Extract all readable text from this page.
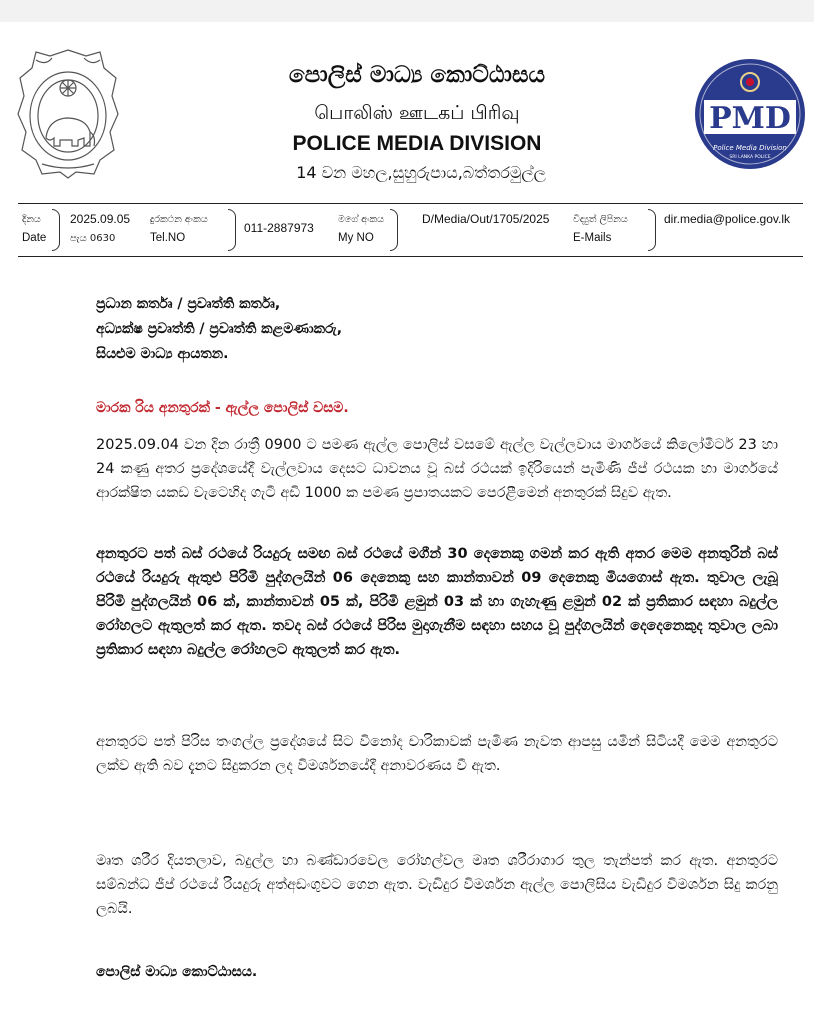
පොලිස් මාධ්‍ය කොට්ඨාසය
பொலிஸ் ஊடகப் பிரிவு
POLICE MEDIA DIVISION
14 වන මහල,සුහුරුපාය,බත්තරමුල්ල
PMD
Police Media Division
SRI LANKA POLICE
දිනය
Date
2025.09.05
පැය 0630
දුරකථන අංකය
Tel.NO
011-2887973
මගේ අංකය
My NO
D/Media/Out/1705/2025 විද්‍යුත් ලිපිනය
E-Mails
dir.media@police.gov.lk
ප්‍රධාන කර්තෘ / ප්‍රවෘත්ති කර්තෘ,
අධ්‍යක්ෂ ප්‍රවෘත්ති / ප්‍රවෘත්ති කළමණාකරු,
සියළුම මාධ්‍ය ආයතන.
මාරක රිය අනතුරක් - ඇල්ල පොලිස් වසම.
2025.09.04 වන දින රාත්‍රී 0900 ට පමණ ඇල්ල පොලිස් වසමේ ඇල්ල වැල්ලවාය මාර්ගයේ කිලෝමීටර් 23 හා 24 කණු අතර ප්‍රදේශයේදී වැල්ලවාය දෙසට ධාවනය වූ බස් රථයක් ඉදිරියෙන් පැමිණි ජීප් රථයක හා මාර්ගයේ ආරක්ෂිත යකඩ වැටෙහිද ගැටී අඩි 1000 ක පමණ ප්‍රපාතයකට පෙරළීමෙන් අනතුරක් සිදුව ඇත.
අනතුරට පත් බස් රථයේ රියදුරු සමඟ බස් රථයේ මගීන් 30 දෙනෙකු ගමන් කර ඇති අතර මෙම අනතුරින් බස් රථයේ රියදුරු ඇතුළු පිරිමි පුද්ගලයින් 06 දෙනෙකු සහ කාන්තාවන් 09 දෙනෙකු මියගොස් ඇත. තුවාල ලැබූ පිරිමි පුද්ගලයින් 06 ක්, කාන්තාවන් 05 ක්, පිරිමි ළමුන් 03 ක් හා ගැහැණු ළමුන් 02 ක් ප්‍රතිකාර සඳහා බදුල්ල රෝහලට ඇතුලත් කර ඇත. තවද බස් රථයේ පිරිස මුදාගැනීම සඳහා සහය වූ පුද්ගලයින් දෙදෙනෙකුද තුවාල ලබා ප්‍රතිකාර සඳහා බදුල්ල රෝහලට ඇතුලත් කර ඇත.
අනතුරට පත් පිරිස තංගල්ල ප්‍රදේශයේ සිට විනෝද චාරිකාවක් පැමිණ නැවත ආපසු යමින් සිටියදී මෙම අනතුරට ලක්ව ඇති බව දැනට සිදුකරන ලද විමර්ශනයේදී අනාවරණය වී ඇත.
මෘත ශරීර දියතලාව, බදුල්ල හා බණ්ඩාරවෙල රෝහල්වල මෘත ශරීරාගාර තුල තැන්පත් කර ඇත. අනතුරට සම්බන්ධ ජීප් රථයේ රියදුරු අත්අඩංගුවට ගෙන ඇත. වැඩිදුර විමර්ශන ඇල්ල පොලිසිය වැඩිදුර විමර්ශන සිදු කරනු ලබයි.
පොලිස් මාධ්‍ය කොට්ඨාසය.
